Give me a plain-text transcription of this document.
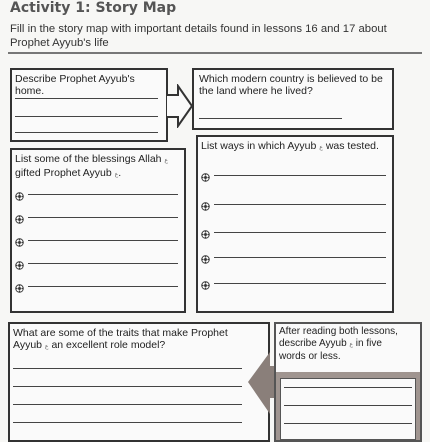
Activity 1: Story Map
Fill in the story map with important details found in lessons 16 and 17 about Prophet Ayyub's life
Describe Prophet Ayyub's home.
Which modern country is believed to be the land where he lived?
List some of the blessings Allah ع
gifted Prophet Ayyub ع.
List ways in which Ayyub ع was tested.
What are some of the traits that make Prophet
Ayyub ع an excellent role model?
After reading both lessons,
describe Ayyub ع in five
words or less.
